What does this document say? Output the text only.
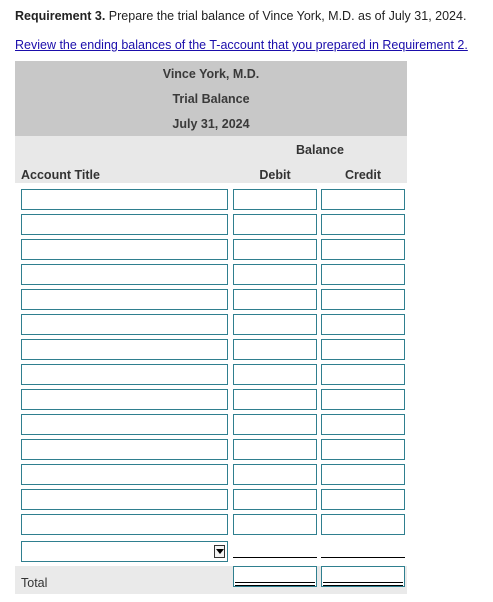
Requirement 3. Prepare the trial balance of Vince York, M.D. as of July 31, 2024.
Review the ending balances of the T-account that you prepared in Requirement 2.
Vince York, M.D.
Trial Balance
July 31, 2024
Balance
Account Title	Debit	Credit
Total
